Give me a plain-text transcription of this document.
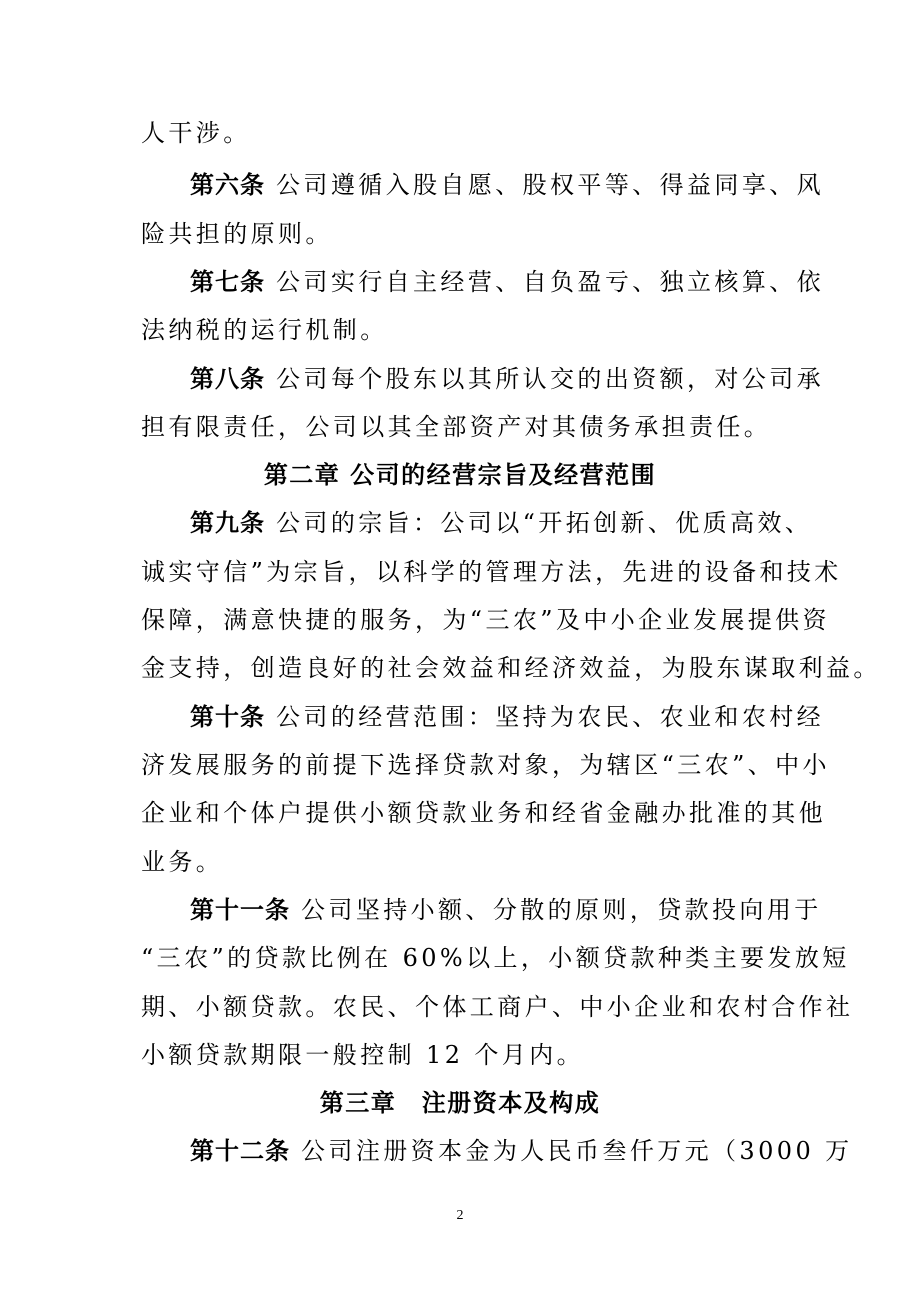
人干涉。
第六条 公司遵循入股自愿、股权平等、得益同享、风
险共担的原则。
第七条 公司实行自主经营、自负盈亏、独立核算、依
法纳税的运行机制。
第八条 公司每个股东以其所认交的出资额，对公司承
担有限责任，公司以其全部资产对其债务承担责任。
第二章 公司的经营宗旨及经营范围
第九条 公司的宗旨：公司以“开拓创新、优质高效、
诚实守信”为宗旨，以科学的管理方法，先进的设备和技术
保障，满意快捷的服务，为“三农”及中小企业发展提供资
金支持，创造良好的社会效益和经济效益，为股东谋取利益。
第十条 公司的经营范围：坚持为农民、农业和农村经
济发展服务的前提下选择贷款对象，为辖区“三农”、中小
企业和个体户提供小额贷款业务和经省金融办批准的其他
业务。
第十一条 公司坚持小额、分散的原则，贷款投向用于
“三农”的贷款比例在 60%以上，小额贷款种类主要发放短
期、小额贷款。农民、个体工商户、中小企业和农村合作社
小额贷款期限一般控制 12 个月内。
第三章　注册资本及构成
第十二条 公司注册资本金为人民币叁仟万元（3000 万
2
